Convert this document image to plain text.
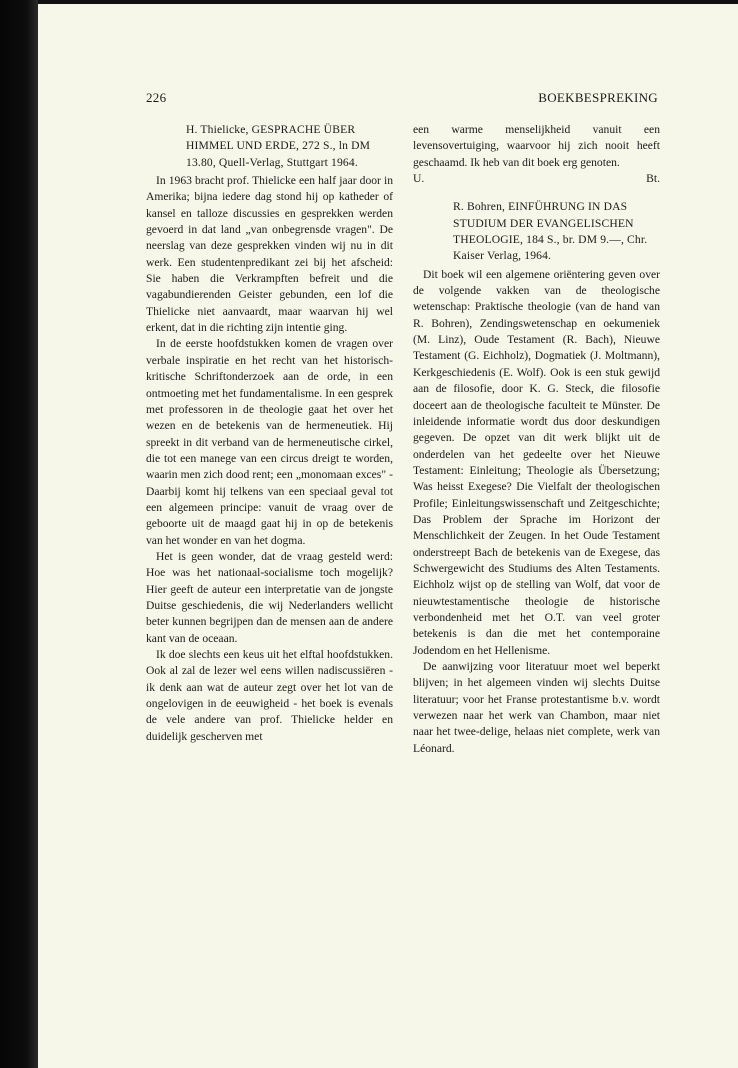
226	BOEKBESPREKING

H. Thielicke, GESPRACHE ÜBER HIMMEL UND ERDE, 272 S., ln DM 13.80, Quell-Verlag, Stuttgart 1964.

In 1963 bracht prof. Thielicke een half jaar door in Amerika; bijna iedere dag stond hij op katheder of kansel en talloze discussies en gesprekken werden gevoerd in dat land „van onbegrensde vragen". De neerslag van deze gesprekken vinden wij nu in dit werk. Een studentenpredikant zei bij het afscheid: Sie haben die Verkrampften befreit und die vagabundierenden Geister gebunden, een lof die Thielicke niet aanvaardt, maar waarvan hij wel erkent, dat in die richting zijn intentie ging.

In de eerste hoofdstukken komen de vragen over verbale inspiratie en het recht van het historisch-kritische Schriftonderzoek aan de orde, in een ontmoeting met het fundamentalisme. In een gesprek met professoren in de theologie gaat het over het wezen en de betekenis van de hermeneutiek. Hij spreekt in dit verband van de hermeneutische cirkel, die tot een manege van een circus dreigt te worden, waarin men zich dood rent; een „monomaan exces" - Daarbij komt hij telkens van een speciaal geval tot een algemeen principe: vanuit de vraag over de geboorte uit de maagd gaat hij in op de betekenis van het wonder en van het dogma.

Het is geen wonder, dat de vraag gesteld werd: Hoe was het nationaal-socialisme toch mogelijk? Hier geeft de auteur een interpretatie van de jongste Duitse geschiedenis, die wij Nederlanders wellicht beter kunnen begrijpen dan de mensen aan de andere kant van de oceaan.

Ik doe slechts een keus uit het elftal hoofdstukken. Ook al zal de lezer wel eens willen nadiscussiëren - ik denk aan wat de auteur zegt over het lot van de ongelovigen in de eeuwigheid - het boek is evenals de vele andere van prof. Thielicke helder en duidelijk gescherven met

een warme menselijkheid vanuit een levensovertuiging, waarvoor hij zich nooit heeft geschaamd. Ik heb van dit boek erg genoten.

U.	Bt.

R. Bohren, EINFÜHRUNG IN DAS STUDIUM DER EVANGELISCHEN THEOLOGIE, 184 S., br. DM 9.—, Chr. Kaiser Verlag, 1964.

Dit boek wil een algemene oriëntering geven over de volgende vakken van de theologische wetenschap: Praktische theologie (van de hand van R. Bohren), Zendingswetenschap en oekumeniek (M. Linz), Oude Testament (R. Bach), Nieuwe Testament (G. Eichholz), Dogmatiek (J. Moltmann), Kerkgeschiedenis (E. Wolf). Ook is een stuk gewijd aan de filosofie, door K. G. Steck, die filosofie doceert aan de theologische faculteit te Münster. De inleidende informatie wordt dus door deskundigen gegeven. De opzet van dit werk blijkt uit de onderdelen van het gedeelte over het Nieuwe Testament: Einleitung; Theologie als Übersetzung; Was heisst Exegese? Die Vielfalt der theologischen Profile; Einleitungswissenschaft und Zeitgeschichte; Das Problem der Sprache im Horizont der Menschlichkeit der Zeugen. In het Oude Testament onderstreept Bach de betekenis van de Exegese, das Schwergewicht des Studiums des Alten Testaments. Eichholz wijst op de stelling van Wolf, dat voor de nieuwtestamentische theologie de historische verbondenheid met het O.T. van veel groter betekenis is dan die met het contemporaine Jodendom en het Hellenisme.

De aanwijzing voor literatuur moet wel beperkt blijven; in het algemeen vinden wij slechts Duitse literatuur; voor het Franse protestantisme b.v. wordt verwezen naar het werk van Chambon, maar niet naar het twee-delige, helaas niet complete, werk van Léonard.
